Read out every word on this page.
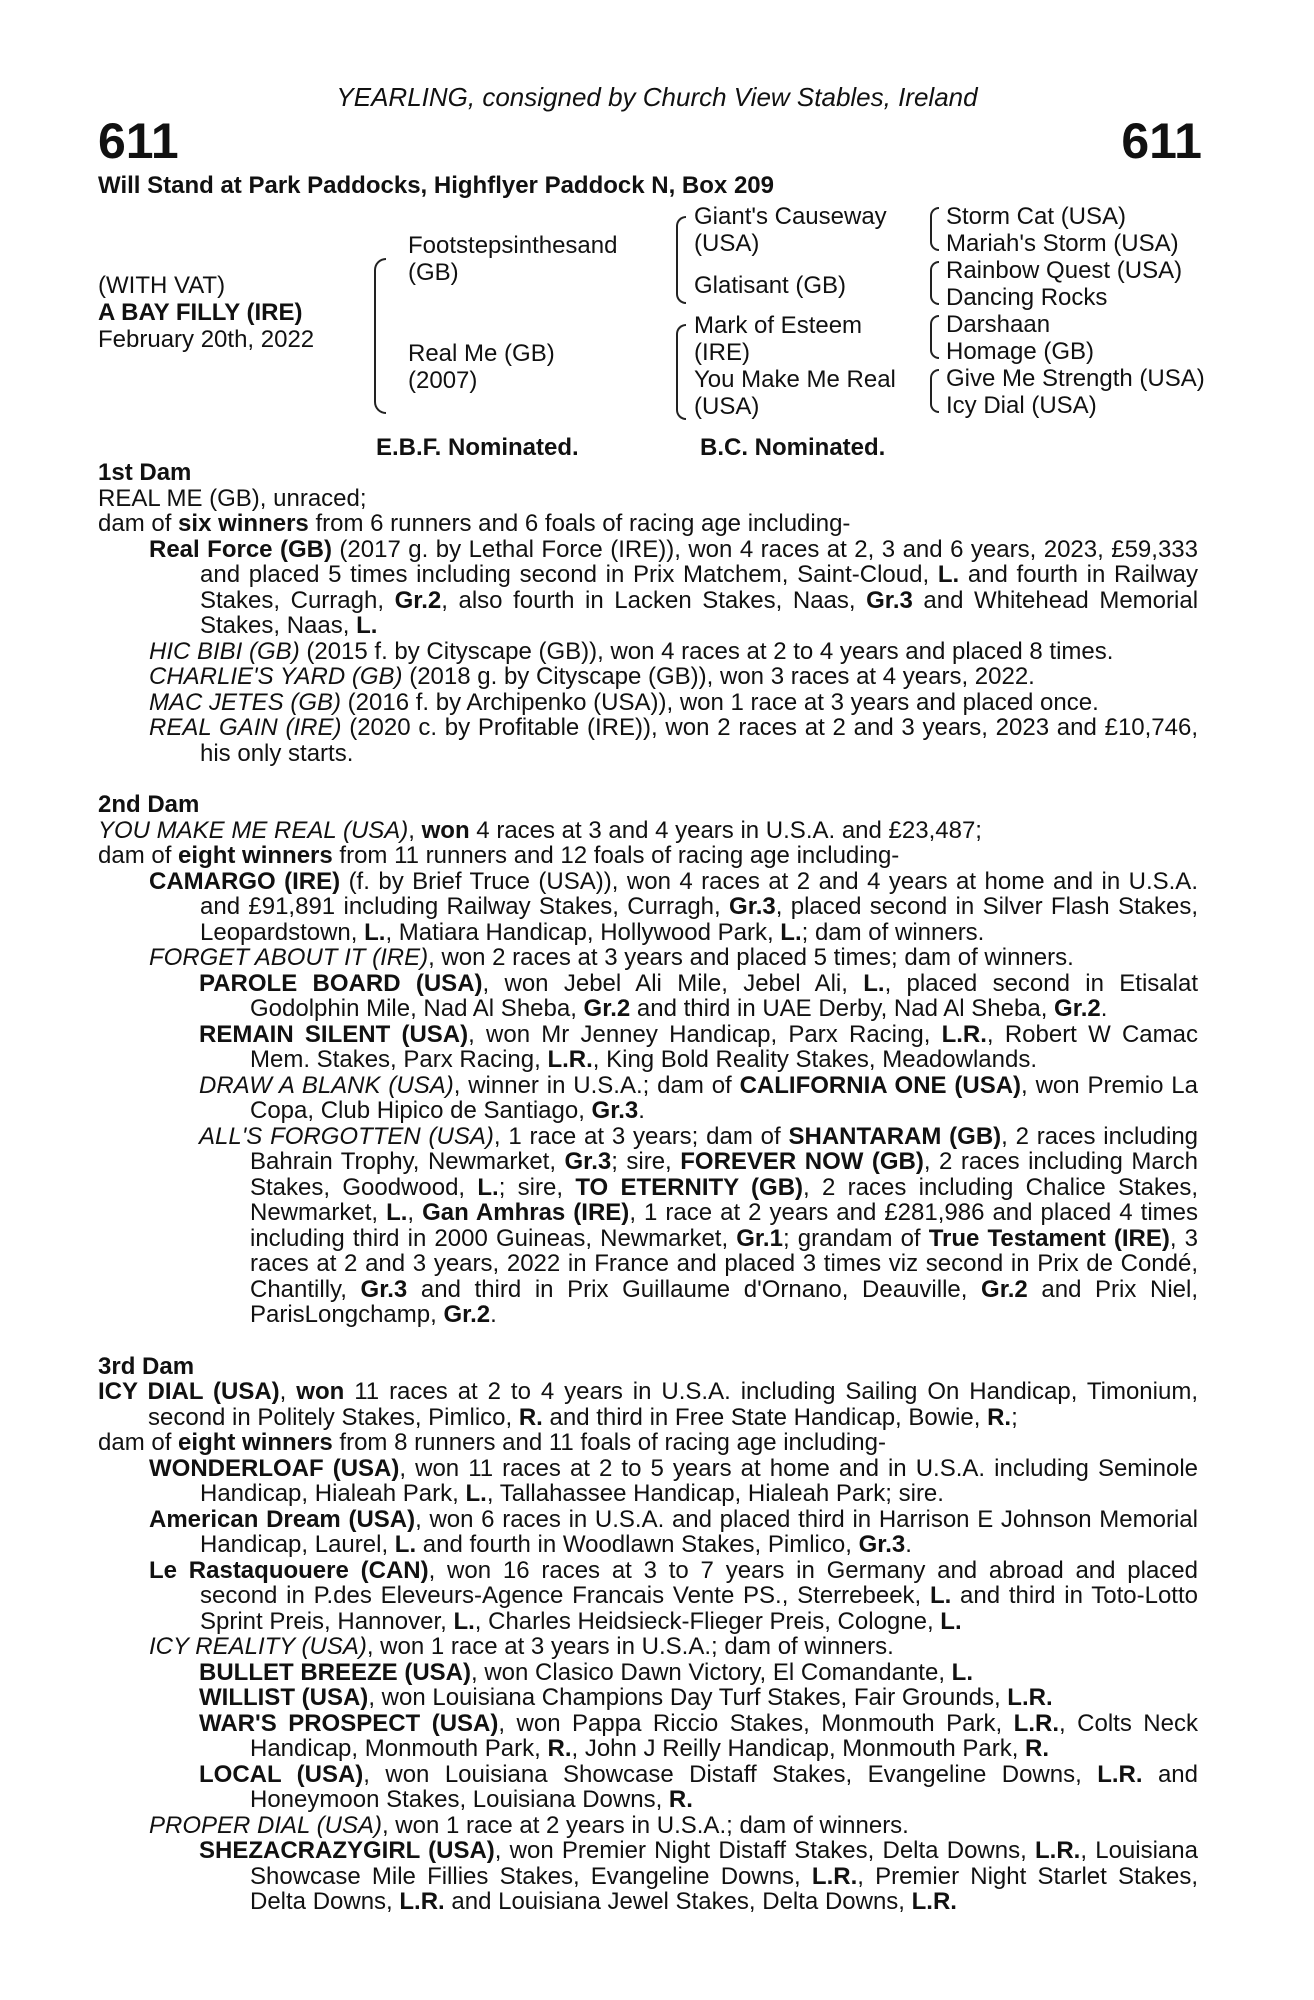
YEARLING, consigned by Church View Stables, Ireland
611	611
Will Stand at Park Paddocks, Highflyer Paddock N, Box 209
(WITH VAT)
A BAY FILLY (IRE)
February 20th, 2022
Footstepsinthesand
(GB)
Real Me (GB)
(2007)
Giant's Causeway
(USA)
Glatisant (GB)
Mark of Esteem
(IRE)
You Make Me Real
(USA)
Storm Cat (USA)
Mariah's Storm (USA)
Rainbow Quest (USA)
Dancing Rocks
Darshaan
Homage (GB)
Give Me Strength (USA)
Icy Dial (USA)
E.B.F. Nominated.	B.C. Nominated.

1st Dam

REAL ME (GB), unraced;

dam of six winners from 6 runners and 6 foals of racing age including-

Real Force (GB) (2017 g. by Lethal Force (IRE)), won 4 races at 2, 3 and 6 years, 2023, £59,333 and placed 5 times including second in Prix Matchem, Saint-Cloud, L. and fourth in Railway Stakes, Curragh, Gr.2, also fourth in Lacken Stakes, Naas, Gr.3 and Whitehead Memorial Stakes, Naas, L.

HIC BIBI (GB) (2015 f. by Cityscape (GB)), won 4 races at 2 to 4 years and placed 8 times.

CHARLIE'S YARD (GB) (2018 g. by Cityscape (GB)), won 3 races at 4 years, 2022.

MAC JETES (GB) (2016 f. by Archipenko (USA)), won 1 race at 3 years and placed once.

REAL GAIN (IRE) (2020 c. by Profitable (IRE)), won 2 races at 2 and 3 years, 2023 and £10,746, his only starts.

2nd Dam

YOU MAKE ME REAL (USA), won 4 races at 3 and 4 years in U.S.A. and £23,487;

dam of eight winners from 11 runners and 12 foals of racing age including-

CAMARGO (IRE) (f. by Brief Truce (USA)), won 4 races at 2 and 4 years at home and in U.S.A. and £91,891 including Railway Stakes, Curragh, Gr.3, placed second in Silver Flash Stakes, Leopardstown, L., Matiara Handicap, Hollywood Park, L.; dam of winners.

FORGET ABOUT IT (IRE), won 2 races at 3 years and placed 5 times; dam of winners.

PAROLE BOARD (USA), won Jebel Ali Mile, Jebel Ali, L., placed second in Etisalat Godolphin Mile, Nad Al Sheba, Gr.2 and third in UAE Derby, Nad Al Sheba, Gr.2.

REMAIN SILENT (USA), won Mr Jenney Handicap, Parx Racing, L.R., Robert W Camac Mem. Stakes, Parx Racing, L.R., King Bold Reality Stakes, Meadowlands.

DRAW A BLANK (USA), winner in U.S.A.; dam of CALIFORNIA ONE (USA), won Premio La Copa, Club Hipico de Santiago, Gr.3.

ALL'S FORGOTTEN (USA), 1 race at 3 years; dam of SHANTARAM (GB), 2 races including Bahrain Trophy, Newmarket, Gr.3; sire, FOREVER NOW (GB), 2 races including March Stakes, Goodwood, L.; sire, TO ETERNITY (GB), 2 races including Chalice Stakes, Newmarket, L., Gan Amhras (IRE), 1 race at 2 years and £281,986 and placed 4 times including third in 2000 Guineas, Newmarket, Gr.1; grandam of True Testament (IRE), 3 races at 2 and 3 years, 2022 in France and placed 3 times viz second in Prix de Condé, Chantilly, Gr.3 and third in Prix Guillaume d'Ornano, Deauville, Gr.2 and Prix Niel, ParisLongchamp, Gr.2.

3rd Dam

ICY DIAL (USA), won 11 races at 2 to 4 years in U.S.A. including Sailing On Handicap, Timonium, second in Politely Stakes, Pimlico, R. and third in Free State Handicap, Bowie, R.;

dam of eight winners from 8 runners and 11 foals of racing age including-

WONDERLOAF (USA), won 11 races at 2 to 5 years at home and in U.S.A. including Seminole Handicap, Hialeah Park, L., Tallahassee Handicap, Hialeah Park; sire.

American Dream (USA), won 6 races in U.S.A. and placed third in Harrison E Johnson Memorial Handicap, Laurel, L. and fourth in Woodlawn Stakes, Pimlico, Gr.3.

Le Rastaquouere (CAN), won 16 races at 3 to 7 years in Germany and abroad and placed second in P.des Eleveurs-Agence Francais Vente PS., Sterrebeek, L. and third in Toto-Lotto Sprint Preis, Hannover, L., Charles Heidsieck-Flieger Preis, Cologne, L.

ICY REALITY (USA), won 1 race at 3 years in U.S.A.; dam of winners.

BULLET BREEZE (USA), won Clasico Dawn Victory, El Comandante, L.

WILLIST (USA), won Louisiana Champions Day Turf Stakes, Fair Grounds, L.R.

WAR'S PROSPECT (USA), won Pappa Riccio Stakes, Monmouth Park, L.R., Colts Neck Handicap, Monmouth Park, R., John J Reilly Handicap, Monmouth Park, R.

LOCAL (USA), won Louisiana Showcase Distaff Stakes, Evangeline Downs, L.R. and Honeymoon Stakes, Louisiana Downs, R.

PROPER DIAL (USA), won 1 race at 2 years in U.S.A.; dam of winners.

SHEZACRAZYGIRL (USA), won Premier Night Distaff Stakes, Delta Downs, L.R., Louisiana Showcase Mile Fillies Stakes, Evangeline Downs, L.R., Premier Night Starlet Stakes, Delta Downs, L.R. and Louisiana Jewel Stakes, Delta Downs, L.R.
